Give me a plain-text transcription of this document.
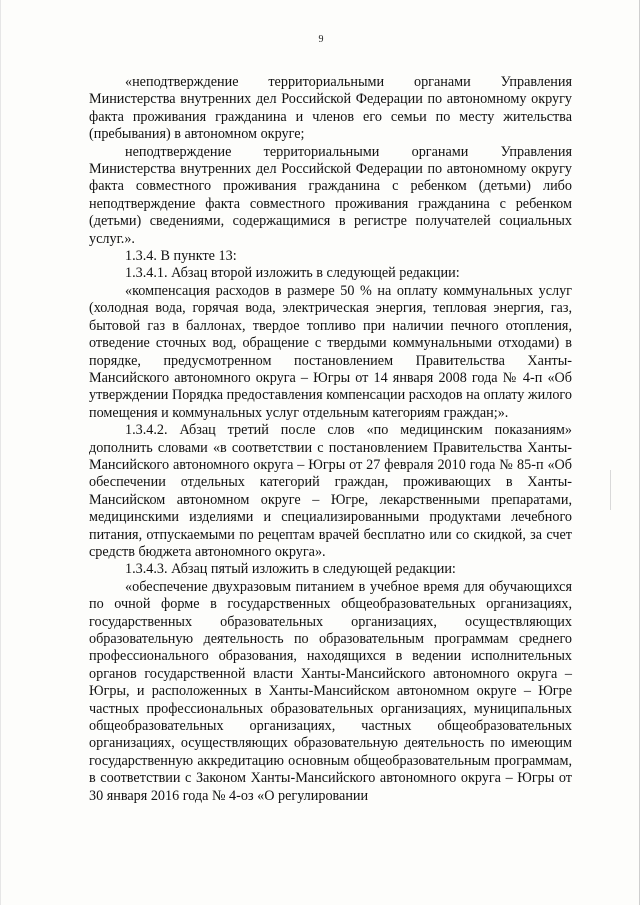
9

«неподтверждение территориальными органами Управления Министерства внутренних дел Российской Федерации по автономному округу факта проживания гражданина и членов его семьи по месту жительства (пребывания) в автономном округе;

неподтверждение территориальными органами Управления Министерства внутренних дел Российской Федерации по автономному округу факта совместного проживания гражданина с ребенком (детьми) либо неподтверждение факта совместного проживания гражданина с ребенком (детьми) сведениями, содержащимися в регистре получателей социальных услуг.».

1.3.4. В пункте 13:

1.3.4.1. Абзац второй изложить в следующей редакции:

«компенсация расходов в размере 50 % на оплату коммунальных услуг (холодная вода, горячая вода, электрическая энергия, тепловая энергия, газ, бытовой газ в баллонах, твердое топливо при наличии печного отопления, отведение сточных вод, обращение с твердыми коммунальными отходами) в порядке, предусмотренном постановлением Правительства Ханты-Мансийского автономного округа – Югры от 14 января 2008 года № 4-п «Об утверждении Порядка предоставления компенсации расходов на оплату жилого помещения и коммунальных услуг отдельным категориям граждан;».

1.3.4.2. Абзац третий после слов «по медицинским показаниям» дополнить словами «в соответствии с постановлением Правительства Ханты-Мансийского автономного округа – Югры от 27 февраля 2010 года № 85-п «Об обеспечении отдельных категорий граждан, проживающих в Ханты-Мансийском автономном округе – Югре, лекарственными препаратами, медицинскими изделиями и специализированными продуктами лечебного питания, отпускаемыми по рецептам врачей бесплатно или со скидкой, за счет средств бюджета автономного округа».

1.3.4.3. Абзац пятый изложить в следующей редакции:

«обеспечение двухразовым питанием в учебное время для обучающихся по очной форме в государственных общеобразовательных организациях, государственных образовательных организациях, осуществляющих образовательную деятельность по образовательным программам среднего профессионального образования, находящихся в ведении исполнительных органов государственной власти Ханты-Мансийского автономного округа – Югры, и расположенных в Ханты-Мансийском автономном округе – Югре частных профессиональных образовательных организациях, муниципальных общеобразовательных организациях, частных общеобразовательных организациях, осуществляющих образовательную деятельность по имеющим государственную аккредитацию основным общеобразовательным программам, в соответствии с Законом Ханты-Мансийского автономного округа – Югры от 30 января 2016 года № 4-оз «О регулировании
